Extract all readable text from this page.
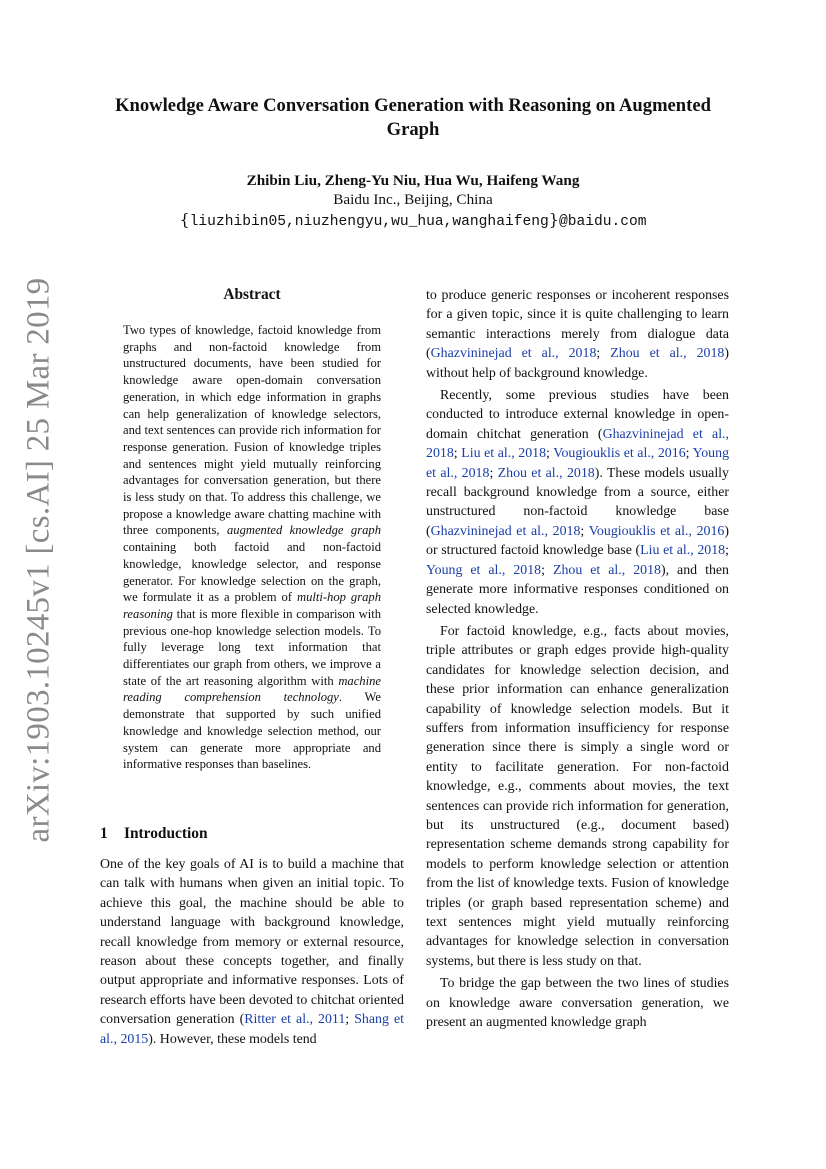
arXiv:1903.10245v1 [cs.AI] 25 Mar 2019
Knowledge Aware Conversation Generation with Reasoning on Augmented Graph
Zhibin Liu, Zheng-Yu Niu, Hua Wu, Haifeng Wang
Baidu Inc., Beijing, China
{liuzhibin05,niuzhengyu,wu_hua,wanghaifeng}@baidu.com
Abstract
Two types of knowledge, factoid knowledge from graphs and non-factoid knowledge from unstructured documents, have been studied for knowledge aware open-domain conversation generation, in which edge information in graphs can help generalization of knowledge selectors, and text sentences can provide rich information for response generation. Fusion of knowledge triples and sentences might yield mutually reinforcing advantages for conversation generation, but there is less study on that. To address this challenge, we propose a knowledge aware chatting machine with three components, augmented knowledge graph containing both factoid and non-factoid knowledge, knowledge selector, and response generator. For knowledge selection on the graph, we formulate it as a problem of multi-hop graph reasoning that is more flexible in comparison with previous one-hop knowledge selection models. To fully leverage long text information that differentiates our graph from others, we improve a state of the art reasoning algorithm with machine reading comprehension technology. We demonstrate that supported by such unified knowledge and knowledge selection method, our system can generate more appropriate and informative responses than baselines.
1 Introduction

One of the key goals of AI is to build a machine that can talk with humans when given an initial topic. To achieve this goal, the machine should be able to understand language with background knowledge, recall knowledge from memory or external resource, reason about these concepts together, and finally output appropriate and informative responses. Lots of research efforts have been devoted to chitchat oriented conversation generation (Ritter et al., 2011; Shang et al., 2015). However, these models tend

to produce generic responses or incoherent responses for a given topic, since it is quite challenging to learn semantic interactions merely from dialogue data (Ghazvininejad et al., 2018; Zhou et al., 2018) without help of background knowledge.

Recently, some previous studies have been conducted to introduce external knowledge in open-domain chitchat generation (Ghazvininejad et al., 2018; Liu et al., 2018; Vougiouklis et al., 2016; Young et al., 2018; Zhou et al., 2018). These models usually recall background knowledge from a source, either unstructured non-factoid knowledge base (Ghazvininejad et al., 2018; Vougiouklis et al., 2016) or structured factoid knowledge base (Liu et al., 2018; Young et al., 2018; Zhou et al., 2018), and then generate more informative responses conditioned on selected knowledge.

For factoid knowledge, e.g., facts about movies, triple attributes or graph edges provide high-quality candidates for knowledge selection decision, and these prior information can enhance generalization capability of knowledge selection models. But it suffers from information insufficiency for response generation since there is simply a single word or entity to facilitate generation. For non-factoid knowledge, e.g., comments about movies, the text sentences can provide rich information for generation, but its unstructured (e.g., document based) representation scheme demands strong capability for models to perform knowledge selection or attention from the list of knowledge texts. Fusion of knowledge triples (or graph based representation scheme) and text sentences might yield mutually reinforcing advantages for knowledge selection in conversation systems, but there is less study on that.

To bridge the gap between the two lines of studies on knowledge aware conversation generation, we present an augmented knowledge graph
